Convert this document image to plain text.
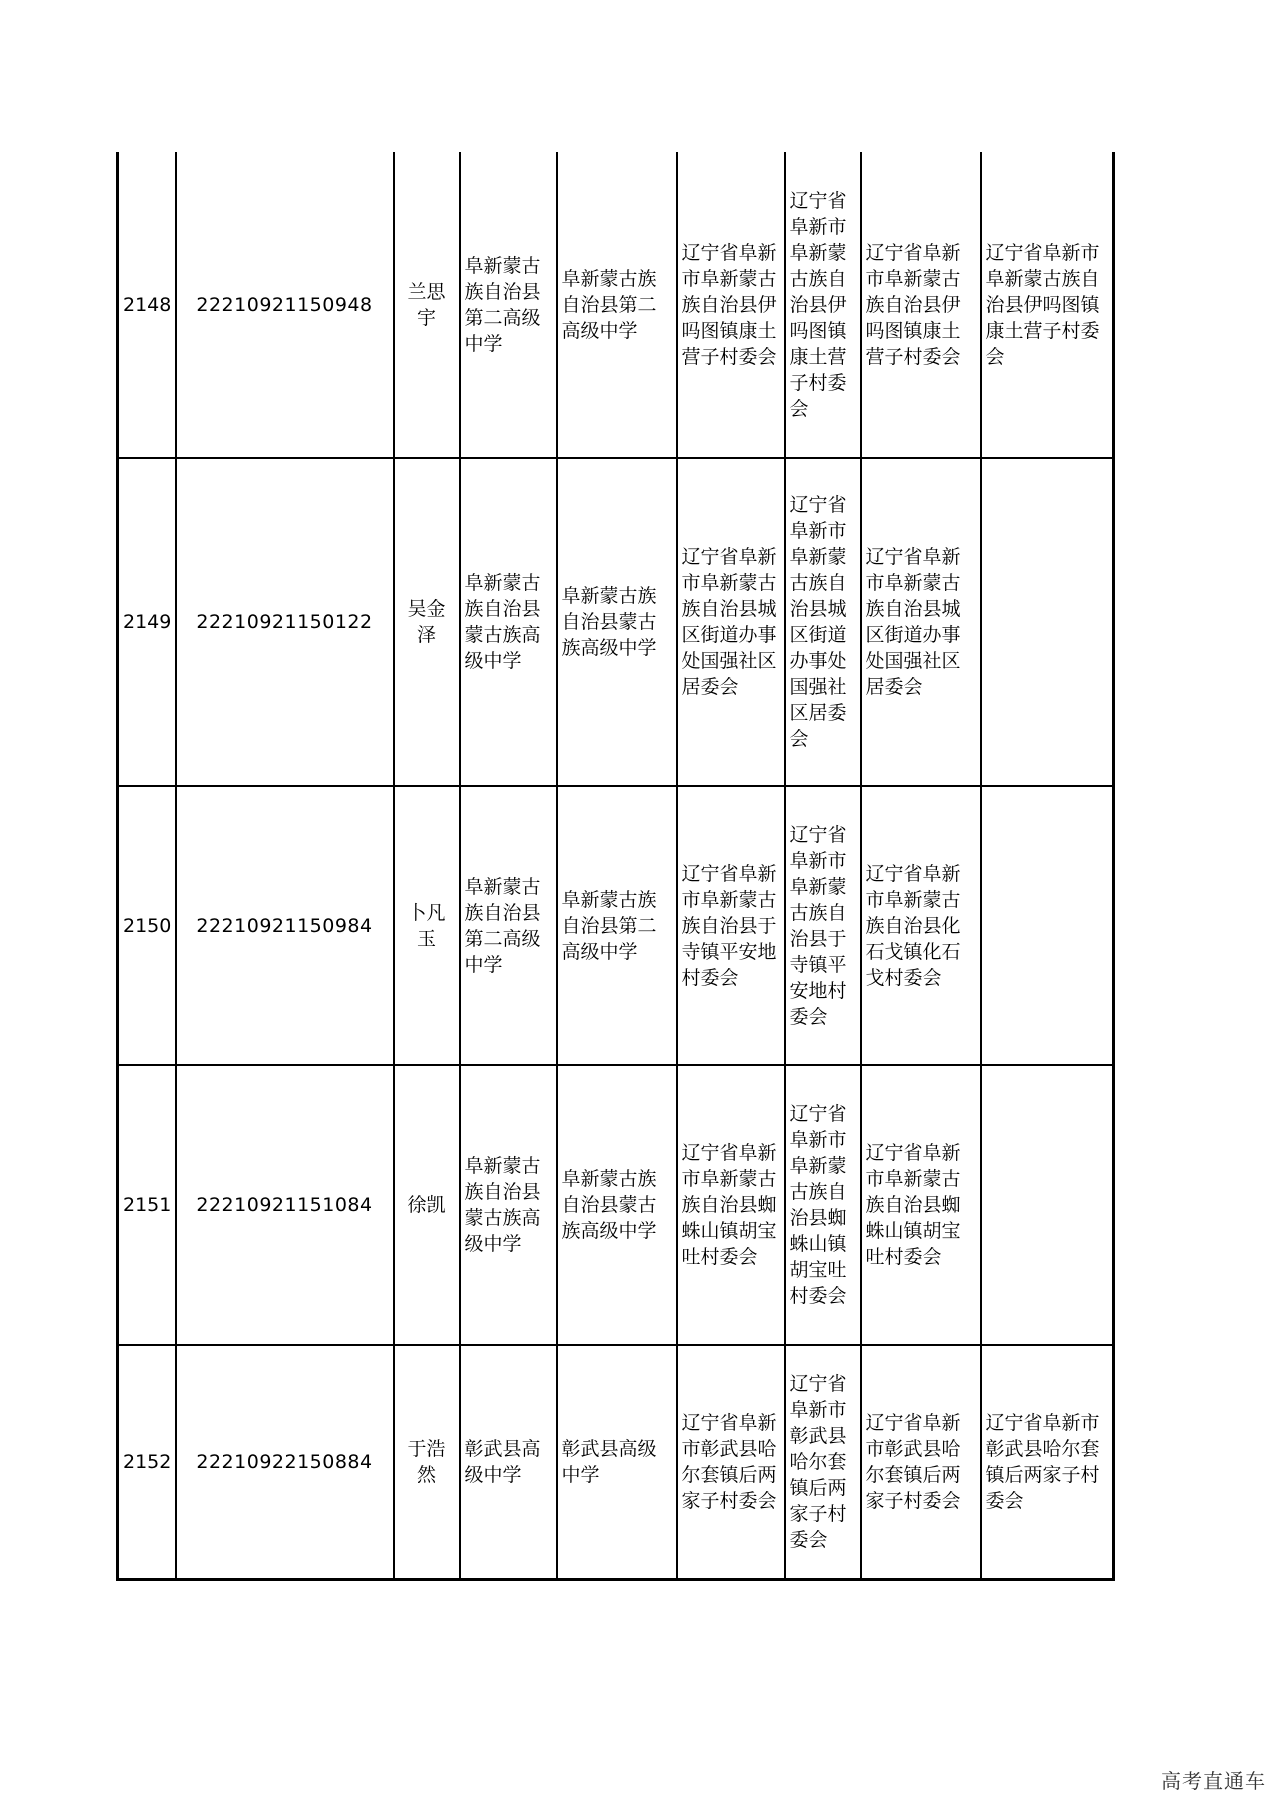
2148	22210921150948	兰思宇	阜新蒙古族自治县第二高级中学	阜新蒙古族自治县第二高级中学	辽宁省阜新市阜新蒙古族自治县伊吗图镇康土营子村委会	辽宁省阜新市阜新蒙古族自治县伊吗图镇康土营子村委会	辽宁省阜新市阜新蒙古族自治县伊吗图镇康土营子村委会	辽宁省阜新市阜新蒙古族自治县伊吗图镇康土营子村委会
2149	22210921150122	吴金泽	阜新蒙古族自治县蒙古族高级中学	阜新蒙古族自治县蒙古族高级中学	辽宁省阜新市阜新蒙古族自治县城区街道办事处国强社区居委会	辽宁省阜新市阜新蒙古族自治县城区街道办事处国强社区居委会	辽宁省阜新市阜新蒙古族自治县城区街道办事处国强社区居委会	
2150	22210921150984	卜凡玉	阜新蒙古族自治县第二高级中学	阜新蒙古族自治县第二高级中学	辽宁省阜新市阜新蒙古族自治县于寺镇平安地村委会	辽宁省阜新市阜新蒙古族自治县于寺镇平安地村委会	辽宁省阜新市阜新蒙古族自治县化石戈镇化石戈村委会	
2151	22210921151084	徐凯	阜新蒙古族自治县蒙古族高级中学	阜新蒙古族自治县蒙古族高级中学	辽宁省阜新市阜新蒙古族自治县蜘蛛山镇胡宝吐村委会	辽宁省阜新市阜新蒙古族自治县蜘蛛山镇胡宝吐村委会	辽宁省阜新市阜新蒙古族自治县蜘蛛山镇胡宝吐村委会	
2152	22210922150884	于浩然	彰武县高级中学	彰武县高级中学	辽宁省阜新市彰武县哈尔套镇后两家子村委会	辽宁省阜新市彰武县哈尔套镇后两家子村委会	辽宁省阜新市彰武县哈尔套镇后两家子村委会	辽宁省阜新市彰武县哈尔套镇后两家子村委会
高考直通车
